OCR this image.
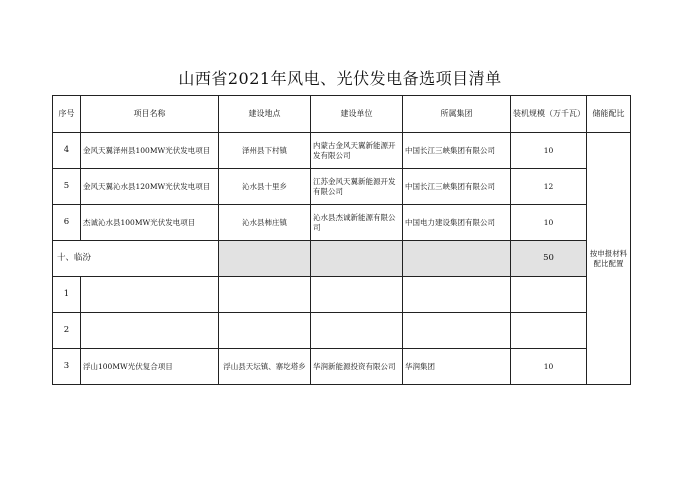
山西省2021年风电、光伏发电备选项目清单
序号	项目名称	建设地点	建设单位	所属集团	装机规模（万千瓦）	储能配比
4	金风天翼泽州县100MW光伏发电项目	泽州县下村镇	内蒙古金风天翼新能源开发有限公司	中国长江三峡集团有限公司	10	按申报材料配比配置
5	金风天翼沁水县120MW光伏发电项目	沁水县十里乡	江苏金风天翼新能源开发有限公司	中国长江三峡集团有限公司	12	
6	杰诚沁水县100MW光伏发电项目	沁水县柿庄镇	沁水县杰诚新能源有限公司	中国电力建设集团有限公司	10	
十、临汾					50	
1						
2						
3	浮山100MW光伏复合项目	浮山县天坛镇、寨圪塔乡	华润新能源投资有限公司	华润集团	10	
